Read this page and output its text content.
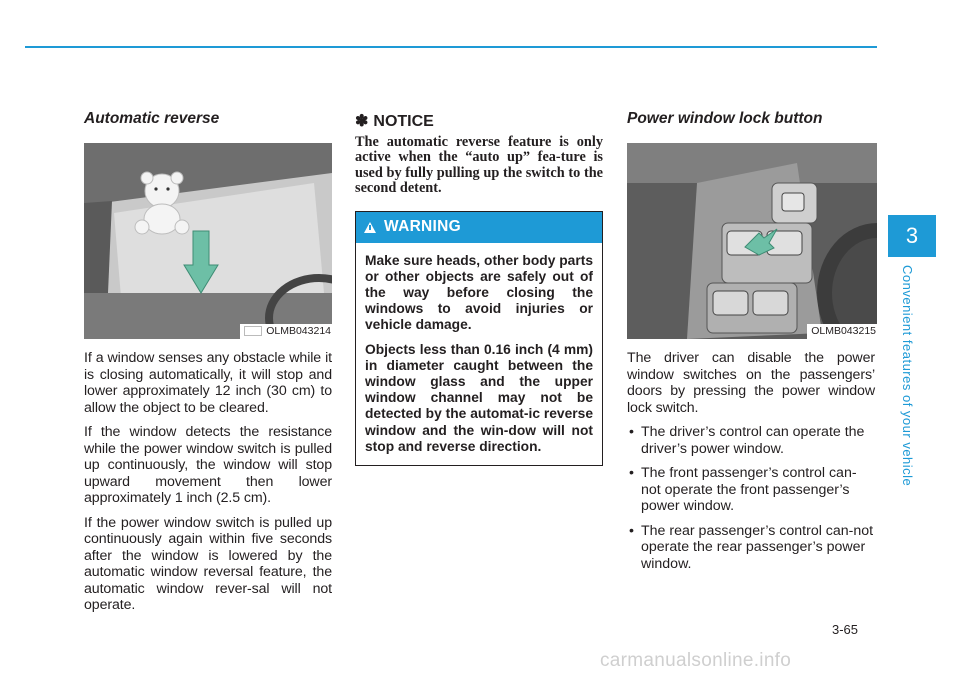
Automatic reverse
OLMB043214

If a window senses any obstacle while it is closing automatically, it will stop and lower approximately 12 inch (30 cm) to allow the object to be cleared.

If the window detects the resistance while the power window switch is pulled up continuously, the window will stop upward movement then lower approximately 1 inch (2.5 cm).

If the power window switch is pulled up continuously again within five seconds after the window is lowered by the automatic window reversal feature, the automatic window rever-sal will not operate.

✽ NOTICE

The automatic reverse feature is only active when the “auto up” fea-ture is used by fully pulling up the switch to the second detent.

WARNING

Make sure heads, other body parts or other objects are safely out of the way before closing the windows to avoid injuries or vehicle damage.

Objects less than 0.16 inch (4 mm) in diameter caught between the window glass and the upper window channel may not be detected by the automat-ic reverse window and the win-dow will not stop and reverse direction.

Power window lock button
OLMB043215

The driver can disable the power window switches on the passengers’ doors by pressing the power window lock switch.

• The driver’s control can operate the driver’s power window.
• The front passenger’s control can-not operate the front passenger’s power window.
• The rear passenger’s control can-not operate the rear passenger’s power window.
3
Convenient features of your vehicle
3-65
carmanualsonline.info
